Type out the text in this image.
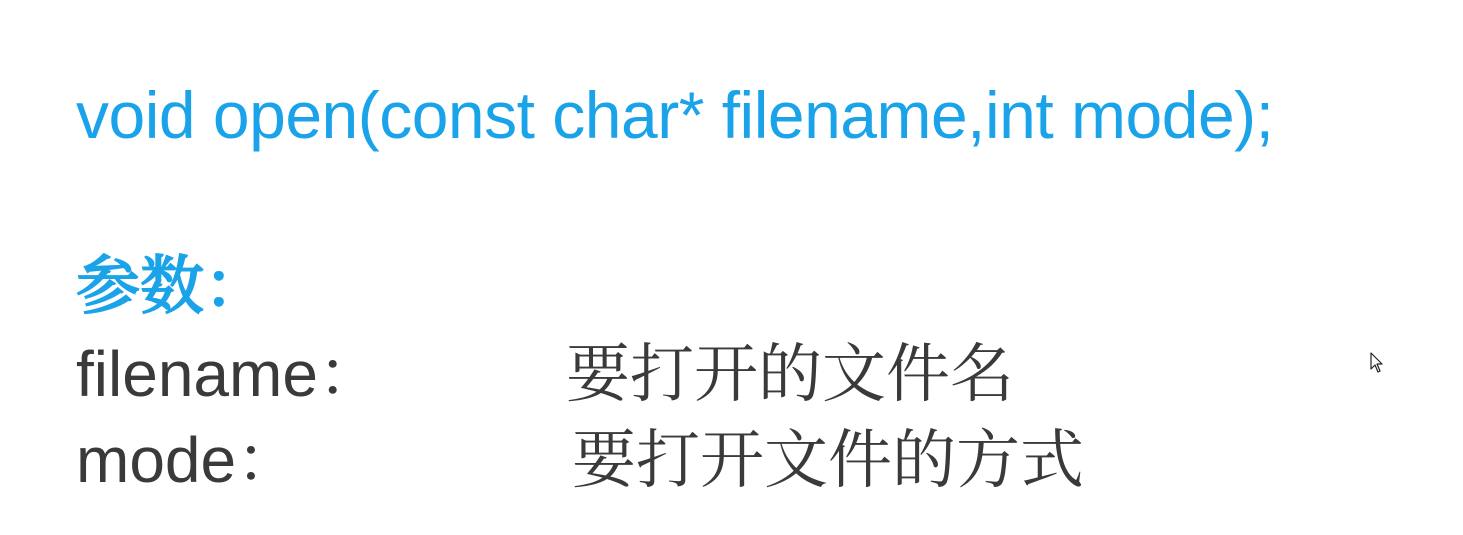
void open(const char* filename,int mode);
参数：
filename：	要打开的文件名
mode：	要打开文件的方式
